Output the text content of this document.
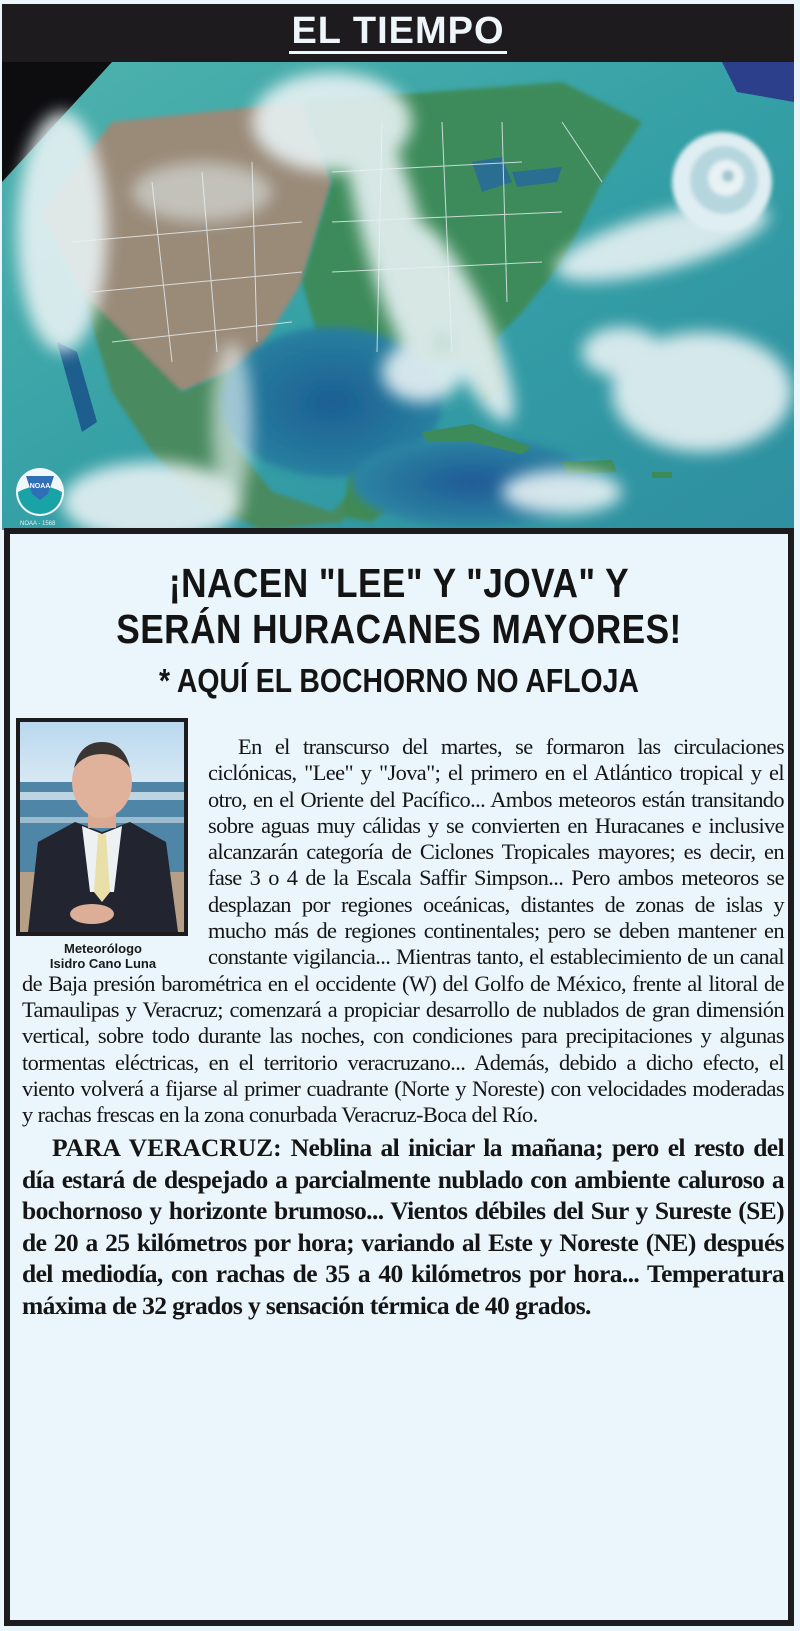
EL TIEMPO
NOAA
NOAA - 1568
¡NACEN "LEE" Y "JOVA" Y
SERÁN HURACANES MAYORES!
* AQUÍ EL BOCHORNO NO AFLOJA
Meteorólogo
Isidro Cano Luna

En el transcurso del martes, se formaron las circulaciones ciclónicas, "Lee" y "Jova"; el primero en el Atlántico tropical y el otro, en el Oriente del Pacífico... Ambos meteoros están transitando sobre aguas muy cálidas y se convierten en Huracanes e inclusive alcanzarán categoría de Ciclones Tropicales mayores; es decir, en fase 3 o 4 de la Escala Saffir Simpson... Pero ambos meteoros se desplazan por regiones oceánicas, distantes de zonas de islas y mucho más de regiones continentales; pero se deben mantener en constante vigilancia... Mientras tanto, el establecimiento de un canal de Baja presión barométrica en el occidente (W) del Golfo de México, frente al litoral de Tamaulipas y Veracruz; comenzará a propiciar desarrollo de nublados de gran dimensión vertical, sobre todo durante las noches, con condiciones para precipitaciones y algunas tormentas eléctricas, en el territorio veracruzano... Además, debido a dicho efecto, el viento volverá a fijarse al primer cuadrante (Norte y Noreste) con velocidades moderadas y rachas frescas en la zona conurbada Veracruz-Boca del Río.

PARA VERACRUZ: Neblina al iniciar la mañana; pero el resto del día estará de despejado a parcialmente nublado con ambiente caluroso a bochornoso y horizonte brumoso... Vientos débiles del Sur y Sureste (SE) de 20 a 25 kilómetros por hora; variando al Este y Noreste (NE) después del mediodía, con rachas de 35 a 40 kilómetros por hora... Temperatura máxima de 32 grados y sensación térmica de 40 grados.
